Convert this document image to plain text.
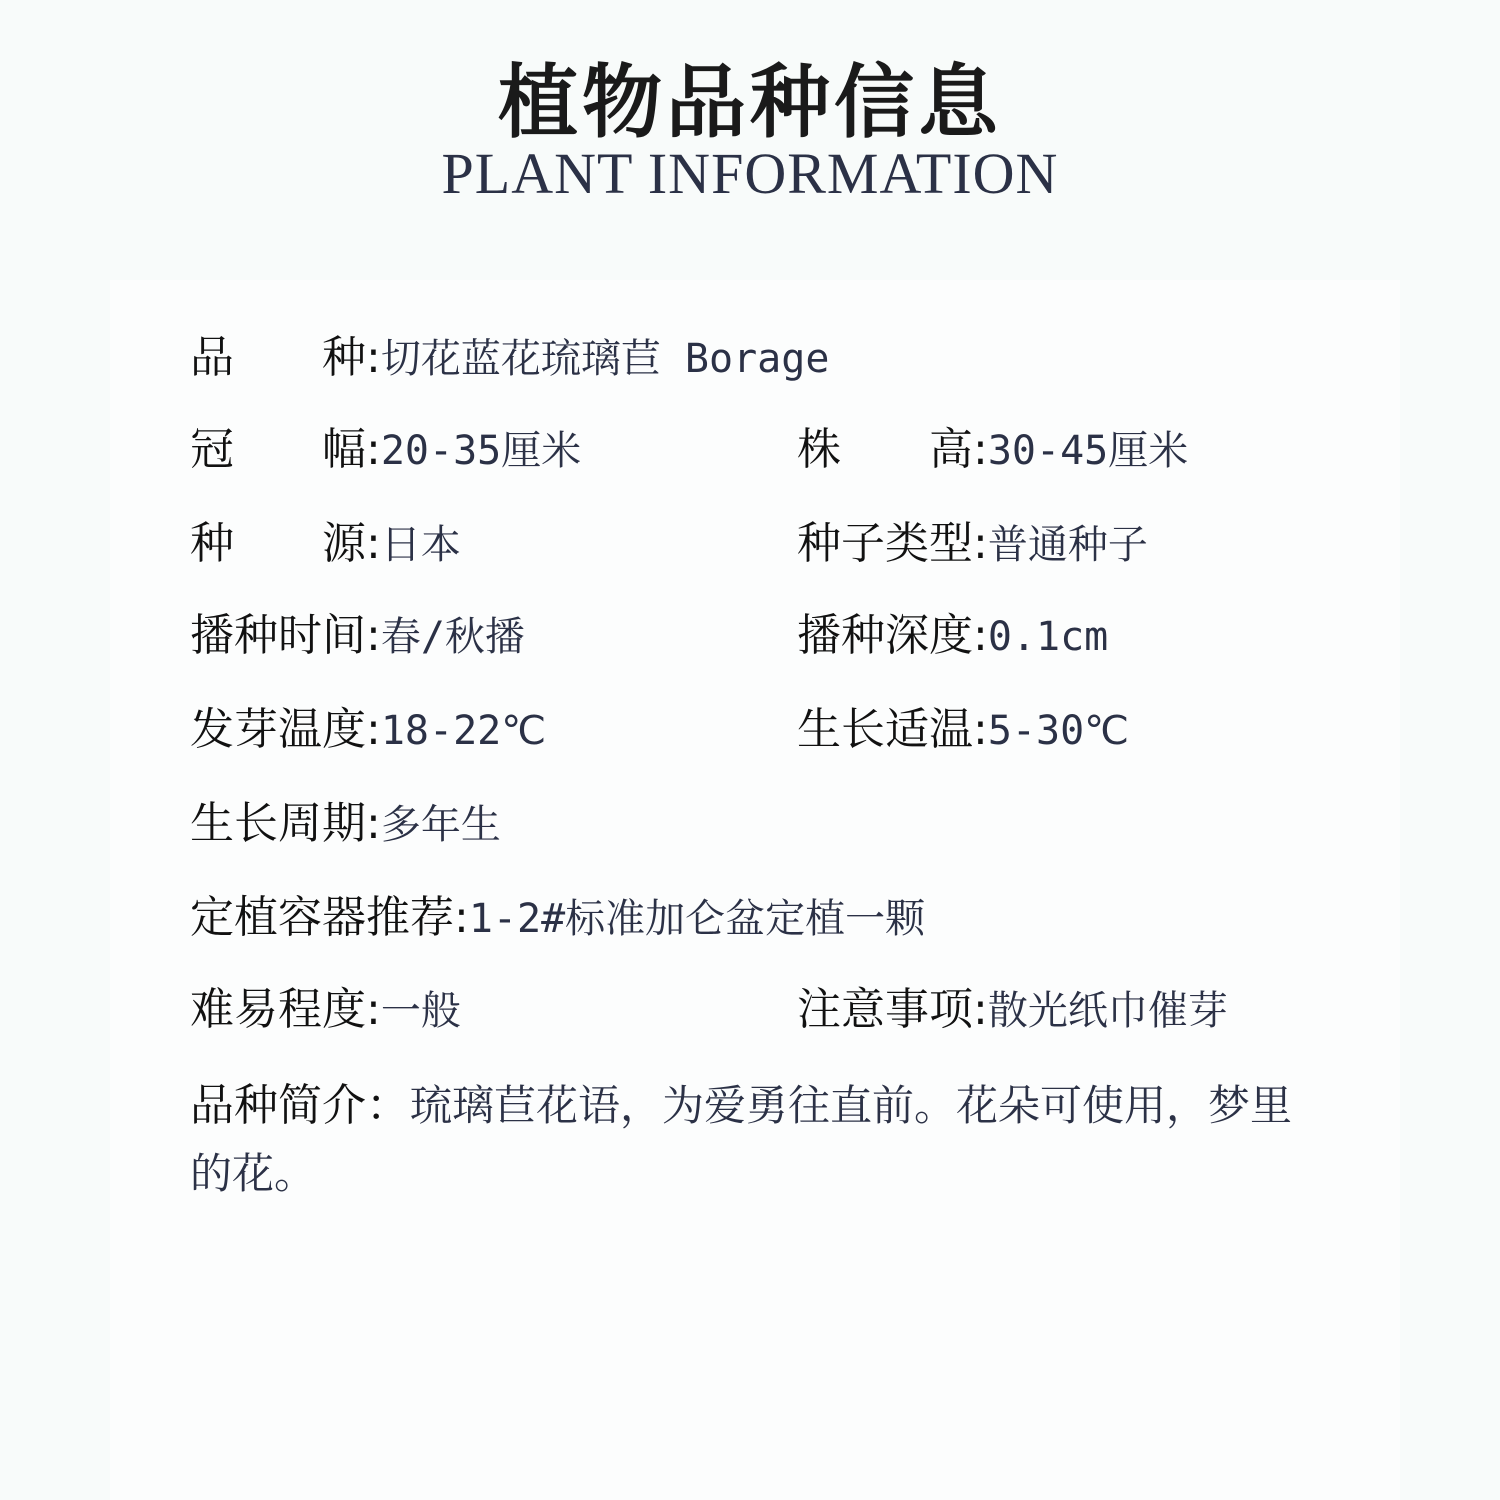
植物品种信息
PLANT INFORMATION
品　　种:切花蓝花琉璃苣 Borage
冠　　幅:20-35厘米	株　　高:30-45厘米
种　　源:日本	种子类型:普通种子
播种时间:春/秋播	播种深度:0.1cm
发芽温度:18-22℃	生长适温:5-30℃
生长周期:多年生
定植容器推荐:1-2#标准加仑盆定植一颗
难易程度:一般	注意事项:散光纸巾催芽
品种简介：琉璃苣花语，为爱勇往直前。花朵可使用，梦里的花。
